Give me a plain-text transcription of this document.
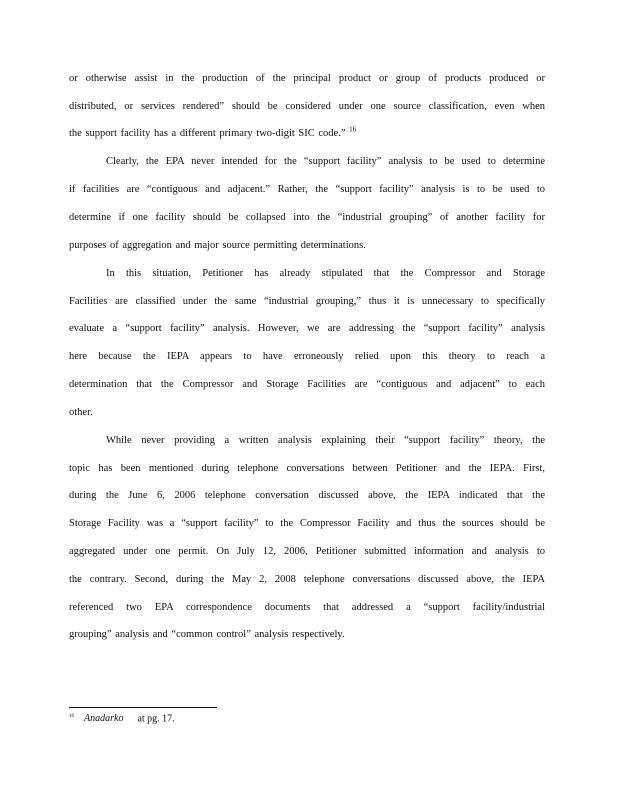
or otherwise assist in the production of the principal product or group of products produced or
distributed, or services rendered” should be considered under one source classification, even when
the support facility has a different primary two-digit SIC code.” $^{16}$
Clearly, the EPA never intended for the “support facility” analysis to be used to determine
if facilities are “contiguous and adjacent.” Rather, the “support facility” analysis is to be used to
determine if one facility should be collapsed into the “industrial grouping” of another facility for
purposes of aggregation and major source permitting determinations.
In this situation, Petitioner has already stipulated that the Compressor and Storage
Facilities are classified under the same “industrial grouping,” thus it is unnecessary to specifically
evaluate a “support facility” analysis. However, we are addressing the “support facility” analysis
here because the IEPA appears to have erroneously relied upon this theory to reach a
determination that the Compressor and Storage Facilities are “contiguous and adjacent” to each
other.
While never providing a written analysis explaining their “support facility” theory, the
topic has been mentioned during telephone conversations between Petitioner and the IEPA. First,
during the June 6, 2006 telephone conversation discussed above, the IEPA indicated that the
Storage Facility was a “support facility” to the Compressor Facility and thus the sources should be
aggregated under one permit. On July 12, 2006, Petitioner submitted information and analysis to
the contrary. Second, during the May 2, 2008 telephone conversations discussed above, the IEPA
referenced two EPA correspondence documents that addressed a “support facility/industrial
grouping” analysis and “common control” analysis respectively.
$^{16}$ Anadarko at pg. 17.
